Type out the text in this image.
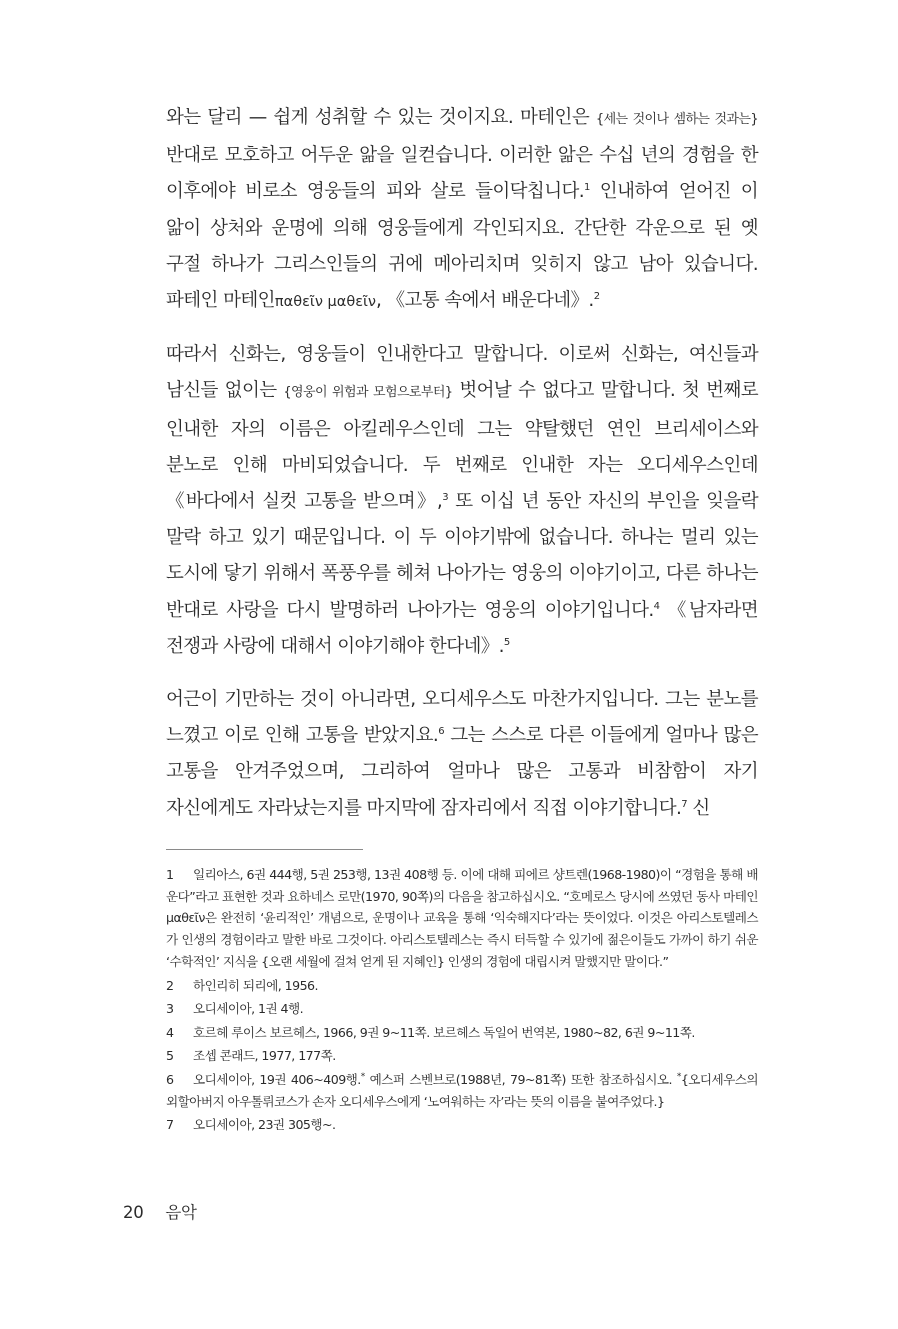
와는 달리 — 쉽게 성취할 수 있는 것이지요. 마테인은 {세는 것이나 셈하는 것과는} 반대로 모호하고 어두운 앎을 일컫습니다. 이러한 앎은 수십 년의 경험을 한 이후에야 비로소 영웅들의 피와 살로 들이닥칩니다.$^1$ 인내하여 얻어진 이 앎이 상처와 운명에 의해 영웅들에게 각인되지요. 간단한 각운으로 된 옛 구절 하나가 그리스인들의 귀에 메아리치며 잊히지 않고 남아 있습니다. 파테인 마테인παθεῖν μαθεῖν, 《고통 속에서 배운다네》.$^2$

따라서 신화는, 영웅들이 인내한다고 말합니다. 이로써 신화는, 여신들과 남신들 없이는 {영웅이 위험과 모험으로부터} 벗어날 수 없다고 말합니다. 첫 번째로 인내한 자의 이름은 아킬레우스인데 그는 약탈했던 연인 브리세이스와 분노로 인해 마비되었습니다. 두 번째로 인내한 자는 오디세우스인데 《바다에서 실컷 고통을 받으며》,$^3$ 또 이십 년 동안 자신의 부인을 잊을락 말락 하고 있기 때문입니다. 이 두 이야기밖에 없습니다. 하나는 멀리 있는 도시에 닿기 위해서 폭풍우를 헤쳐 나아가는 영웅의 이야기이고, 다른 하나는 반대로 사랑을 다시 발명하러 나아가는 영웅의 이야기입니다.$^4$ 《남자라면 전쟁과 사랑에 대해서 이야기해야 한다네》.$^5$

어근이 기만하는 것이 아니라면, 오디세우스도 마찬가지입니다. 그는 분노를 느꼈고 이로 인해 고통을 받았지요.$^6$ 그는 스스로 다른 이들에게 얼마나 많은 고통을 안겨주었으며, 그리하여 얼마나 많은 고통과 비참함이 자기 자신에게도 자라났는지를 마지막에 잠자리에서 직접 이야기합니다.$^7$ 신

1 일리아스, 6권 444행, 5권 253행, 13권 408행 등. 이에 대해 피에르 샹트렌(1968-1980)이 “경험을 통해 배운다”라고 표현한 것과 요하네스 로만(1970, 90쪽)의 다음을 참고하십시오. “호메로스 당시에 쓰였던 동사 마테인μαθεῖν은 완전히 ‘윤리적인’ 개념으로, 운명이나 교육을 통해 ‘익숙해지다’라는 뜻이었다. 이것은 아리스토텔레스가 인생의 경험이라고 말한 바로 그것이다. 아리스토텔레스는 즉시 터득할 수 있기에 젊은이들도 가까이 하기 쉬운 ‘수학적인’ 지식을 {오랜 세월에 걸쳐 얻게 된 지혜인} 인생의 경험에 대립시켜 말했지만 말이다.”

2 하인리히 되리에, 1956.

3 오디세이아, 1권 4행.

4 호르헤 루이스 보르헤스, 1966, 9권 9~11쪽. 보르헤스 독일어 번역본, 1980~82, 6권 9~11쪽.

5 조셉 콘래드, 1977, 177쪽.

6 오디세이아, 19권 406~409행.* 예스퍼 스벤브로(1988년, 79~81쪽) 또한 참조하십시오. *{오디세우스의 외할아버지 아우톨뤼코스가 손자 오디세우스에게 ‘노여워하는 자’라는 뜻의 이름을 붙여주었다.}

7 오디세이아, 23권 305행~.

20 음악
